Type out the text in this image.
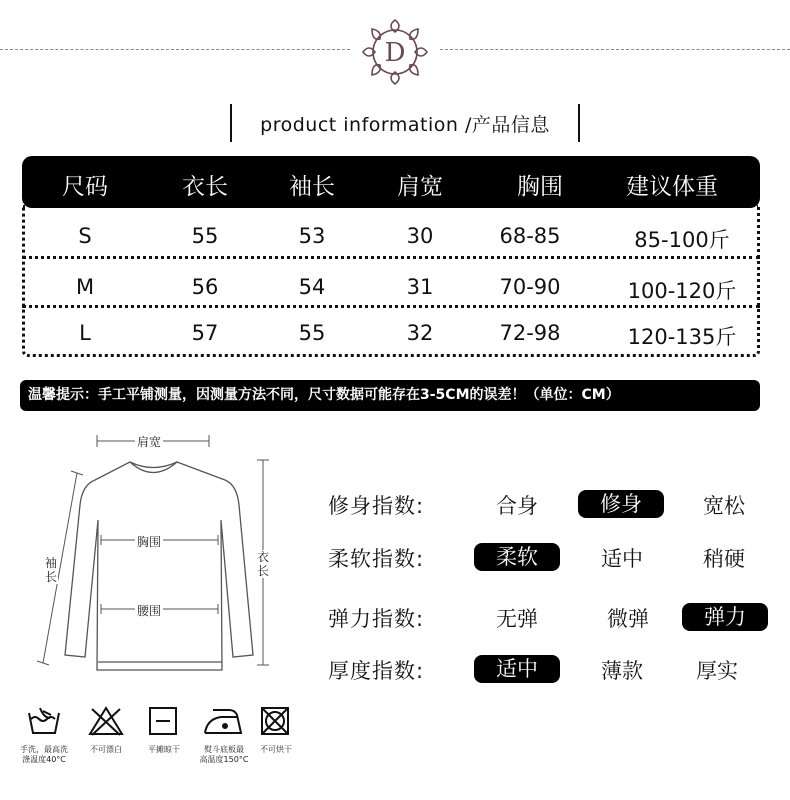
D
product information /产品信息
尺码	衣长	袖长	肩宽	胸围	建议体重
S	55	53	30	68-85	85-100斤
M	56	54	31	70-90	100-120斤
L	57	55	32	72-98	120-135斤
温馨提示：手工平铺测量，因测量方法不同，尺寸数据可能存在3-5CM的误差！（单位：CM）
肩宽
胸围
腰围
袖
长
衣
长
修身指数:	合身	修身	宽松
柔软指数:	柔软	适中	稍硬
弹力指数:	无弹	微弹	弹力
厚度指数:	适中	薄款	厚实
手洗，最高洗
涤温度40°C
不可漂白	平摊晾干	熨斗底板最
高温度150°C
不可烘干
